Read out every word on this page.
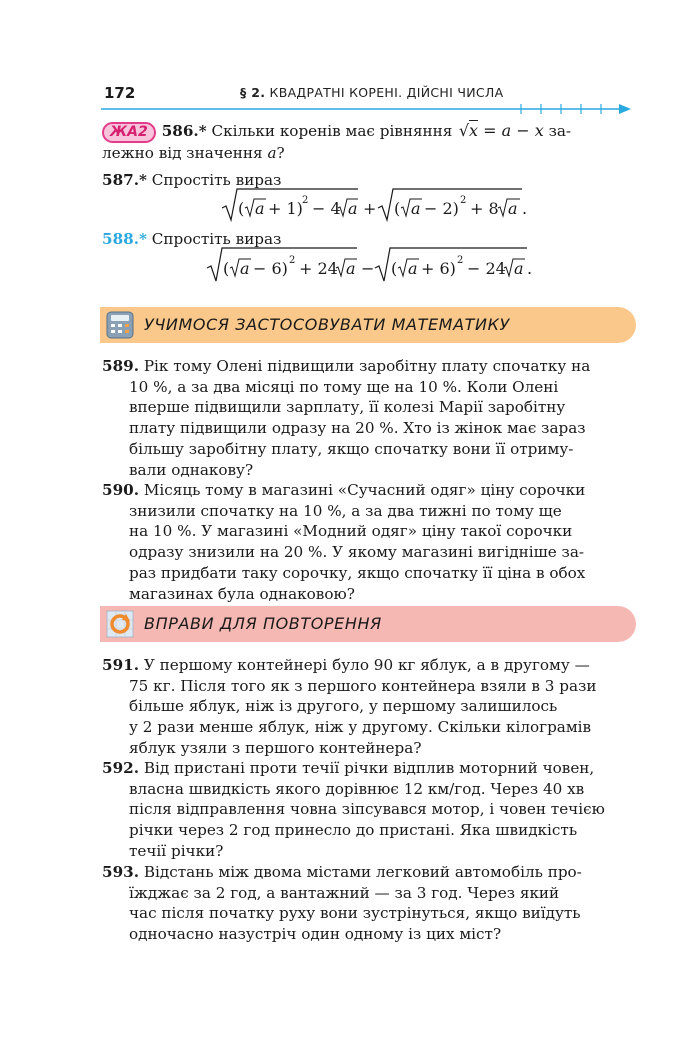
172	§ 2. КВАДРАТНІ КОРЕНІ. ДІЙСНІ ЧИСЛА
ЖА2 586.* Скільки коренів має рівняння   √x = a − x за-
лежно від значення a?
587.* Спростіть вираз
( a + 1) 2 − 4 a + ( a − 2) 2 + 8 a .
588.* Спростіть вираз
( a − 6) 2 + 24 a − ( a + 6) 2 − 24 a .
УЧИМОСЯ ЗАСТОСОВУВАТИ МАТЕМАТИКУ
589. Рік тому Олені підвищили заробітну плату спочатку на
10 %, а за два місяці по тому ще на 10 %. Коли Олені
вперше підвищили зарплату, її колезі Марії заробітну
плату підвищили одразу на 20 %. Хто із жінок має зараз
більшу заробітну плату, якщо спочатку вони її отриму-
вали однакову?
590. Місяць тому в магазині «Сучасний одяг» ціну сорочки
знизили спочатку на 10 %, а за два тижні по тому ще
на 10 %. У магазині «Модний одяг» ціну такої сорочки
одразу знизили на 20 %. У якому магазині вигідніше за-
раз придбати таку сорочку, якщо спочатку її ціна в обох
магазинах була однаковою?
ВПРАВИ ДЛЯ ПОВТОРЕННЯ
591. У першому контейнері було 90 кг яблук, а в другому —
75 кг. Після того як з першого контейнера взяли в 3 рази
більше яблук, ніж із другого, у першому залишилось
у 2 рази менше яблук, ніж у другому. Скільки кілограмів
яблук узяли з першого контейнера?
592. Від пристані проти течії річки відплив моторний човен,
власна швидкість якого дорівнює 12 км/год. Через 40 хв
після відправлення човна зіпсувався мотор, і човен течією
річки через 2 год принесло до пристані. Яка швидкість
течії річки?
593. Відстань між двома містами легковий автомобіль про-
їжджає за 2 год, а вантажний — за 3 год. Через який
час після початку руху вони зустрінуться, якщо виїдуть
одночасно назустріч один одному із цих міст?
